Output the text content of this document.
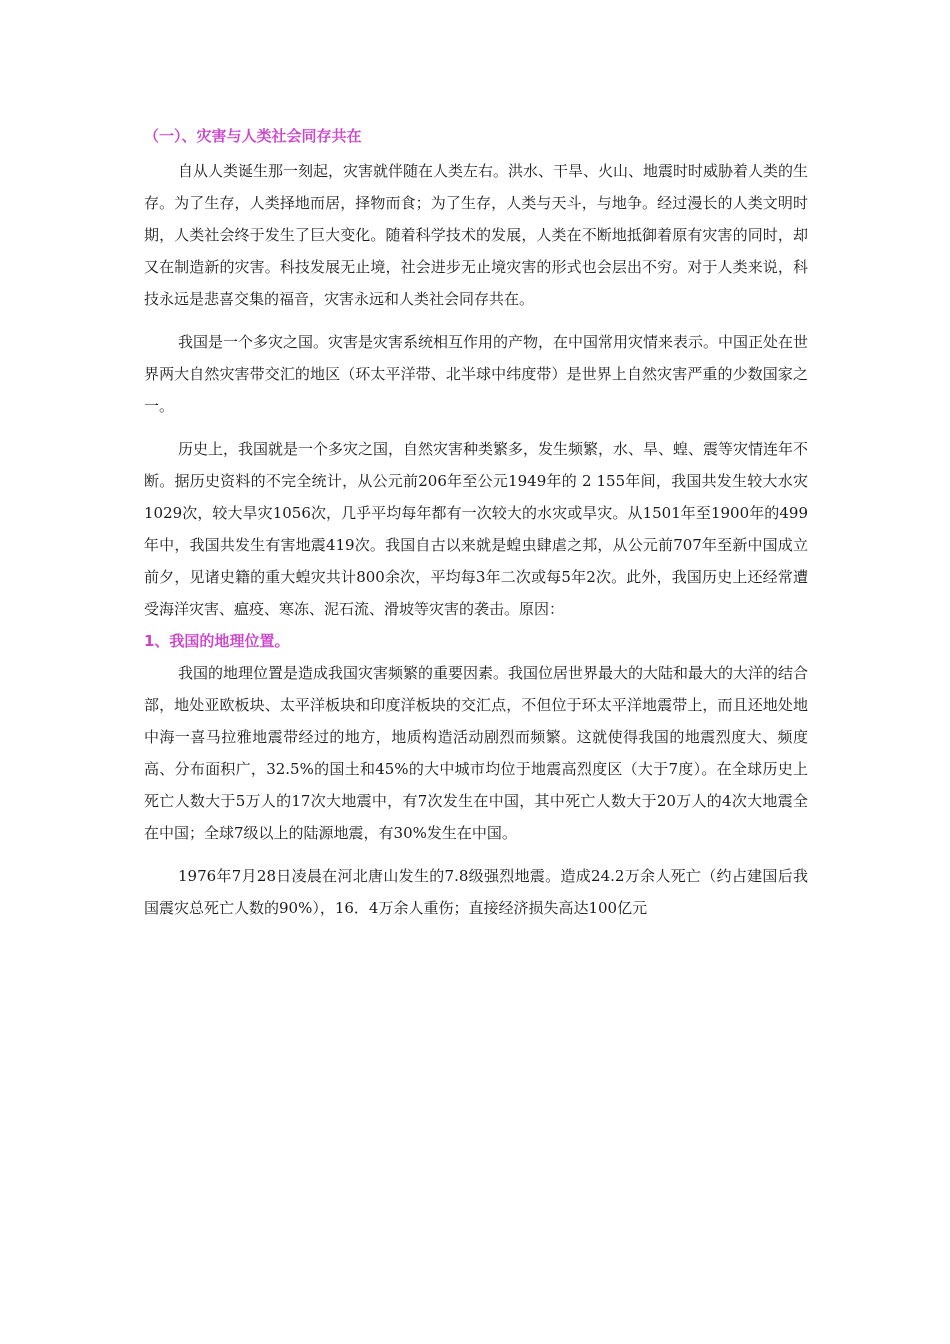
（一）、灾害与人类社会同存共在

自从人类诞生那一刻起，灾害就伴随在人类左右。洪水、干旱、火山、地震时时威胁着人类的生存。为了生存，人类择地而居，择物而食；为了生存，人类与天斗，与地争。经过漫长的人类文明时期，人类社会终于发生了巨大变化。随着科学技术的发展，人类在不断地抵御着原有灾害的同时，却又在制造新的灾害。科技发展无止境，社会进步无止境灾害的形式也会层出不穷。对于人类来说，科技永远是悲喜交集的福音，灾害永远和人类社会同存共在。

我国是一个多灾之国。灾害是灾害系统相互作用的产物，在中国常用灾情来表示。中国正处在世界两大自然灾害带交汇的地区（环太平洋带、北半球中纬度带）是世界上自然灾害严重的少数国家之一。

历史上，我国就是一个多灾之国，自然灾害种类繁多，发生频繁，水、旱、蝗、震等灾情连年不断。据历史资料的不完全统计，从公元前206年至公元1949年的 2 155年间，我国共发生较大水灾1029次，较大旱灾1056次，几乎平均每年都有一次较大的水灾或旱灾。从1501年至1900年的499年中，我国共发生有害地震419次。我国自古以来就是蝗虫肆虐之邦，从公元前707年至新中国成立前夕，见诸史籍的重大蝗灾共计800余次，平均每3年二次或每5年2次。此外，我国历史上还经常遭受海洋灾害、瘟疫、寒冻、泥石流、滑坡等灾害的袭击。原因：

1、我国的地理位置。

我国的地理位置是造成我国灾害频繁的重要因素。我国位居世界最大的大陆和最大的大洋的结合部，地处亚欧板块、太平洋板块和印度洋板块的交汇点，不但位于环太平洋地震带上，而且还地处地中海一喜马拉雅地震带经过的地方，地质构造活动剧烈而频繁。这就使得我国的地震烈度大、频度高、分布面积广，32.5%的国土和45%的大中城市均位于地震高烈度区（大于7度）。在全球历史上死亡人数大于5万人的17次大地震中，有7次发生在中国，其中死亡人数大于20万人的4次大地震全在中国；全球7级以上的陆源地震，有30%发生在中国。

1976年7月28日凌晨在河北唐山发生的7.8级强烈地震。造成24.2万余人死亡（约占建国后我国震灾总死亡人数的90%），16．4万余人重伤；直接经济损失高达100亿元
